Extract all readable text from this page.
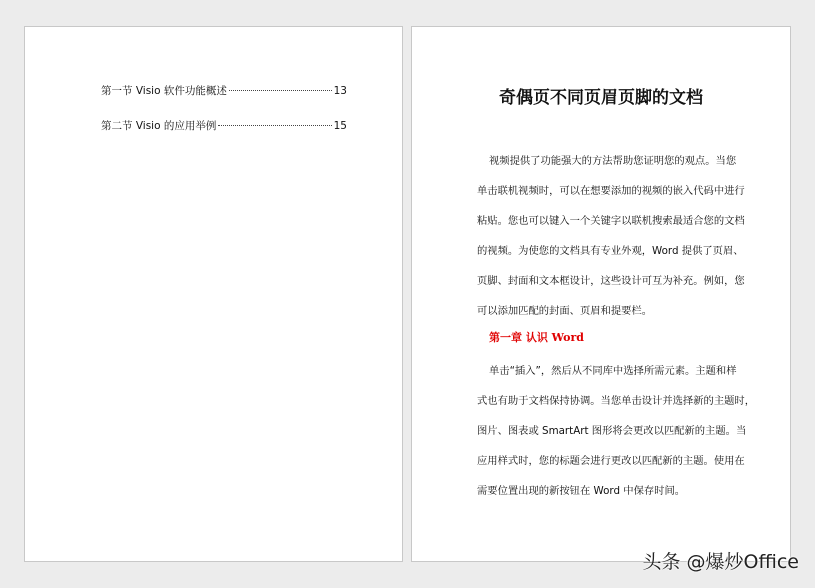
第一节 Visio 软件功能概述	13
第二节 Visio 的应用举例	15
奇偶页不同页眉页脚的文档
视频提供了功能强大的方法帮助您证明您的观点。当您
单击联机视频时，可以在想要添加的视频的嵌入代码中进行
粘贴。您也可以键入一个关键字以联机搜索最适合您的文档
的视频。为使您的文档具有专业外观，Word 提供了页眉、
页脚、封面和文本框设计，这些设计可互为补充。例如，您
可以添加匹配的封面、页眉和提要栏。
第一章 认识 Word
单击“插入”，然后从不同库中选择所需元素。主题和样
式也有助于文档保持协调。当您单击设计并选择新的主题时，
图片、图表或 SmartArt 图形将会更改以匹配新的主题。当
应用样式时，您的标题会进行更改以匹配新的主题。使用在
需要位置出现的新按钮在 Word 中保存时间。
头条 @爆炒Office
